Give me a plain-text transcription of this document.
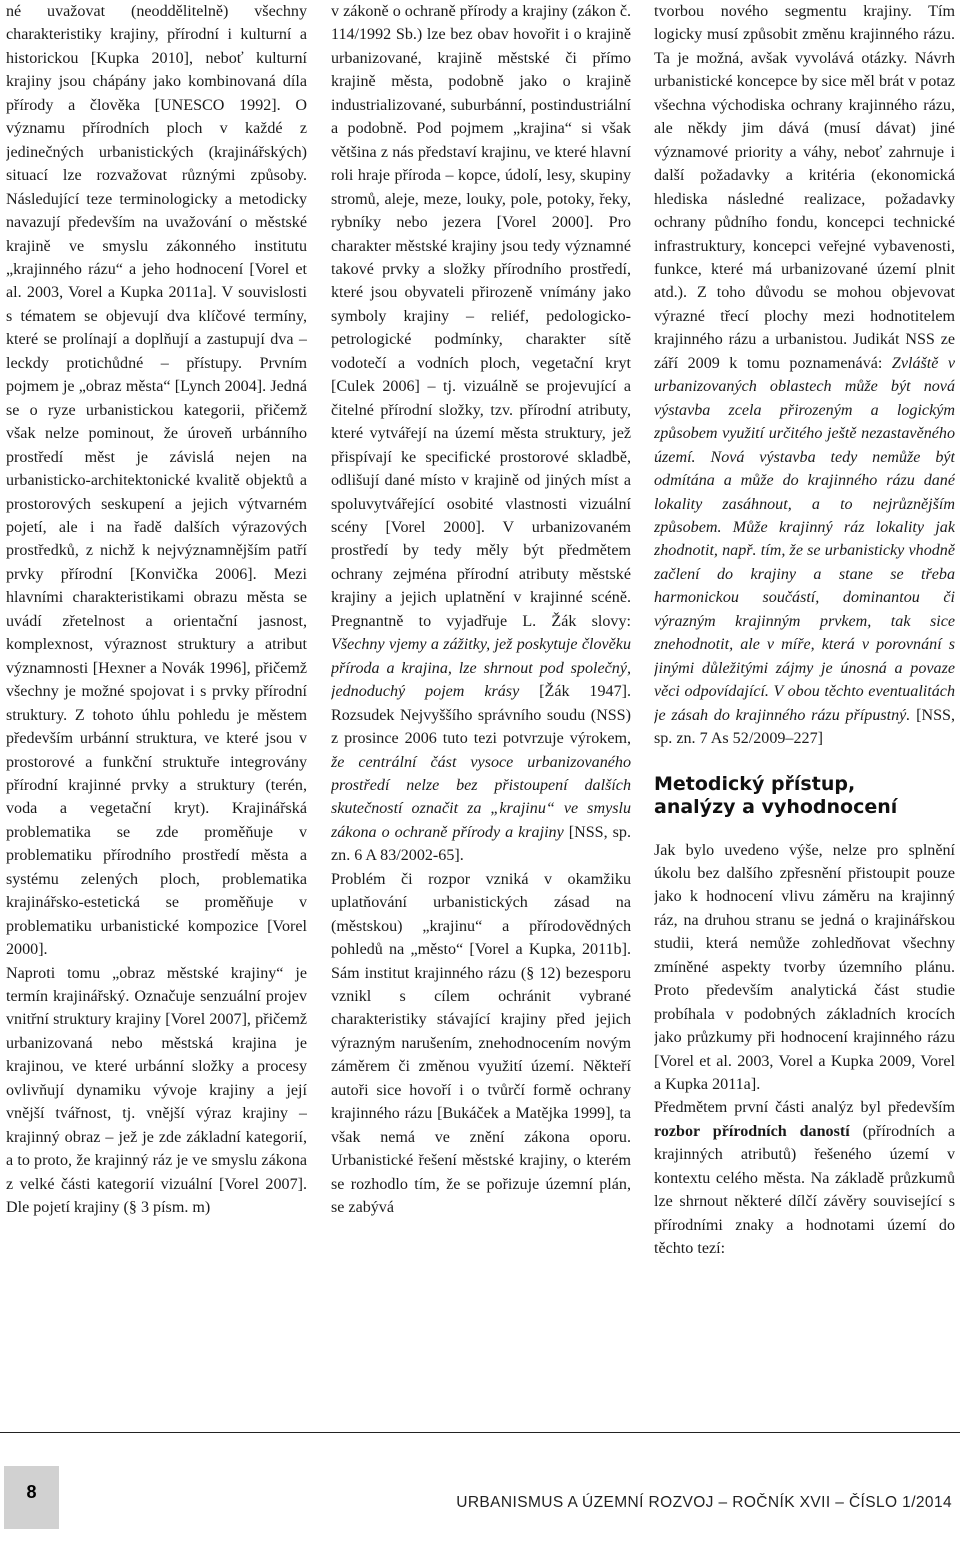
né uvažovat (neoddělitelně) všechny charakteristiky krajiny, přírodní i kulturní a historickou [Kupka 2010], neboť kulturní krajiny jsou chápány jako kombinovaná díla přírody a člověka [UNESCO 1992]. O významu přírodních ploch v každé z jedinečných urbanistických (krajinářských) situací lze rozvažovat různými způsoby. Následující teze terminologicky a metodicky navazují především na uvažování o městské krajině ve smyslu zákonného institutu „krajinného rázu“ a jeho hodnocení [Vorel et al. 2003, Vorel a Kupka 2011a]. V souvislosti s tématem se objevují dva klíčové termíny, které se prolínají a doplňují a zastupují dva – leckdy protichůdné – přístupy. Prvním pojmem je „obraz města“ [Lynch 2004]. Jedná se o ryze urbanistickou kategorii, přičemž však nelze pominout, že úroveň urbánního prostředí měst je závislá nejen na urbanisticko-architektonické kvalitě objektů a prostorových seskupení a jejich výtvarném pojetí, ale i na řadě dalších výrazových prostředků, z nichž k nejvýznamnějším patří prvky přírodní [Konvička 2006]. Mezi hlavními charakteristikami obrazu města se uvádí zřetelnost a orientační jasnost, komplexnost, výraznost struktury a atribut významnosti [Hexner a Novák 1996], přičemž všechny je možné spojovat i s prvky přírodní struktury. Z tohoto úhlu pohledu je městem především urbánní struktura, ve které jsou v prostorové a funkční struktuře integrovány přírodní krajinné prvky a struktury (terén, voda a vegetační kryt). Krajinářská problematika se zde proměňuje v problematiku přírodního prostředí města a systému zelených ploch, problematika krajinářsko-estetická se proměňuje v problematiku urbanistické kompozice [Vorel 2000].

Naproti tomu „obraz městské krajiny“ je termín krajinářský. Označuje senzuální projev vnitřní struktury krajiny [Vorel 2007], přičemž urbanizovaná nebo městská krajina je krajinou, ve které urbánní složky a procesy ovlivňují dynamiku vývoje krajiny a její vnější tvářnost, tj. vnější výraz krajiny – krajinný obraz – jež je zde základní kategorií, a to proto, že krajinný ráz je ve smyslu zákona z velké části kategorií vizuální [Vorel 2007]. Dle pojetí krajiny (§ 3 písm. m)

v zákoně o ochraně přírody a krajiny (zákon č. 114/1992 Sb.) lze bez obav hovořit i o krajině urbanizované, krajině městské či přímo krajině města, podobně jako o krajině industrializované, suburbánní, postindustriální a podobně. Pod pojmem „krajina“ si však většina z nás představí krajinu, ve které hlavní roli hraje příroda – kopce, údolí, lesy, skupiny stromů, aleje, meze, louky, pole, potoky, řeky, rybníky nebo jezera [Vorel 2000]. Pro charakter městské krajiny jsou tedy významné takové prvky a složky přírodního prostředí, které jsou obyvateli přirozeně vnímány jako symboly krajiny – reliéf, pedologicko-petrologické podmínky, charakter sítě vodotečí a vodních ploch, vegetační kryt [Culek 2006] – tj. vizuálně se projevující a čitelné přírodní složky, tzv. přírodní atributy, které vytvářejí na území města struktury, jež přispívají ke specifické prostorové skladbě, odlišují dané místo v krajině od jiných míst a spoluvytvářející osobité vlastnosti vizuální scény [Vorel 2000]. V urbanizovaném prostředí by tedy měly být předmětem ochrany zejména přírodní atributy městské krajiny a jejich uplatnění v krajinné scéně. Pregnantně to vyjadřuje L. Žák slovy: Všechny vjemy a zážitky, jež poskytuje člověku příroda a krajina, lze shrnout pod společný, jednoduchý pojem krásy [Žák 1947]. Rozsudek Nejvyššího správního soudu (NSS) z prosince 2006 tuto tezi potvrzuje výrokem, že centrální část vysoce urbanizovaného prostředí nelze bez přistoupení dalších skutečností označit za „krajinu“ ve smyslu zákona o ochraně přírody a krajiny [NSS, sp. zn. 6 A 83/2002-65].

Problém či rozpor vzniká v okamžiku uplatňování urbanistických zásad na (městskou) „krajinu“ a přírodovědných pohledů na „město“ [Vorel a Kupka, 2011b]. Sám institut krajinného rázu (§ 12) bezesporu vznikl s cílem ochránit vybrané charakteristiky stávající krajiny před jejich výrazným narušením, znehodnocením novým záměrem či změnou využití území. Někteří autoři sice hovoří i o tvůrčí formě ochrany krajinného rázu [Bukáček a Matějka 1999], ta však nemá ve znění zákona oporu. Urbanistické řešení městské krajiny, o kterém se rozhodlo tím, že se pořizuje územní plán, se zabývá

tvorbou nového segmentu krajiny. Tím logicky musí způsobit změnu krajinného rázu. Ta je možná, avšak vyvolává otázky. Návrh urbanistické koncepce by sice měl brát v potaz všechna východiska ochrany krajinného rázu, ale někdy jim dává (musí dávat) jiné významové priority a váhy, neboť zahrnuje i další požadavky a kritéria (ekonomická hlediska následné realizace, požadavky ochrany půdního fondu, koncepci technické infrastruktury, koncepci veřejné vybavenosti, funkce, které má urbanizované území plnit atd.). Z toho důvodu se mohou objevovat výrazné třecí plochy mezi hodnotitelem krajinného rázu a urbanistou. Judikát NSS ze září 2009 k tomu poznamenává: Zvláště v urbanizovaných oblastech může být nová výstavba zcela přirozeným a logickým způsobem využití určitého ještě nezastavěného území. Nová výstavba tedy nemůže být odmítána a může do krajinného rázu dané lokality zasáhnout, a to nejrůznějším způsobem. Může krajinný ráz lokality jak zhodnotit, např. tím, že se urbanisticky vhodně začlení do krajiny a stane se třeba harmonickou součástí, dominantou či výrazným krajinným prvkem, tak sice znehodnotit, ale v míře, která v porovnání s jinými důležitými zájmy je únosná a povaze věci odpovídající. V obou těchto eventualitách je zásah do krajinného rázu přípustný. [NSS, sp. zn. 7 As 52/2009‒227]

Metodický přístup,
analýzy a vyhodnocení

Jak bylo uvedeno výše, nelze pro splnění úkolu bez dalšího zpřesnění přistoupit pouze jako k hodnocení vlivu záměru na krajinný ráz, na druhou stranu se jedná o krajinářskou studii, která nemůže zohledňovat všechny zmíněné aspekty tvorby územního plánu. Proto především analytická část studie probíhala v podobných základních krocích jako průzkumy při hodnocení krajinného rázu [Vorel et al. 2003, Vorel a Kupka 2009, Vorel a Kupka 2011a].

Předmětem první části analýz byl především rozbor přírodních daností (přírodních a krajinných atributů) řešeného území v kontextu celého města. Na základě průzkumů lze shrnout některé dílčí závěry související s přírodními znaky a hodnotami území do těchto tezí:

8
URBANISMUS A ÚZEMNÍ ROZVOJ – ROČNÍK XVII – ČÍSLO 1/2014
